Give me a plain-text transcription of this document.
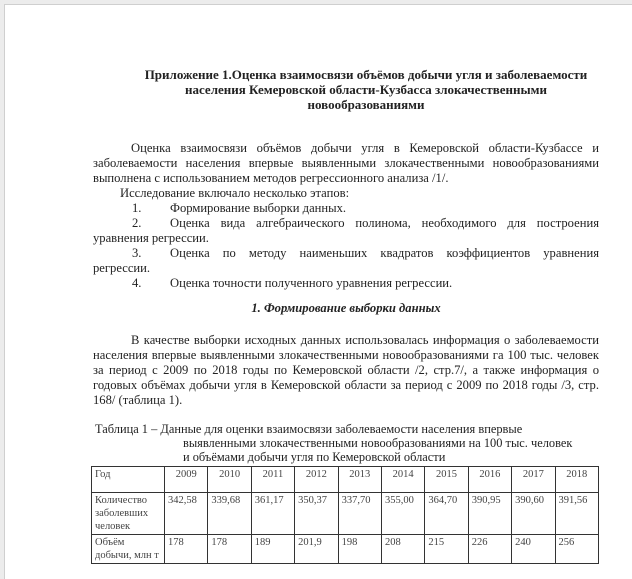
Приложение 1.Оценка взаимосвязи объёмов добычи угля и заболеваемости
населения Кемеровской области-Кузбасса злокачественными
новообразованиями

Оценка взаимосвязи объёмов добычи угля в Кемеровской области-Кузбассе и заболеваемости населения впервые выявленными злокачественными новообразованиями выполнена с использованием методов регрессионного анализа /1/.

Исследование включало несколько этапов:
1. Формирование выборки данных.
2. Оценка вида алгебраического полинома, необходимого для построения уравнения регрессии.
3. Оценка по методу наименьших квадратов коэффициентов уравнения регрессии.
4. Оценка точности полученного уравнения регрессии.
1. Формирование выборки данных

В качестве выборки исходных данных использовалась информация о заболеваемости населения впервые выявленными злокачественными новообразованиями га 100 тыс. человек за период с 2009 по 2018 годы по Кемеровской области /2, стр.7/, а также информация о годовых объёмах добычи угля в Кемеровской области за период с 2009 по 2018 годы /3, стр. 168/ (таблица 1).

Таблица 1 – Данные для оценки взаимосвязи заболеваемости населения впервые
выявленными злокачественными новообразованиями на 100 тыс. человек
и объёмами добычи угля по Кемеровской области
Год	2009	2010	2011	2012	2013	2014	2015	2016	2017	2018
Количество заболевших человек	342,58	339,68	361,17	350,37	337,70	355,00	364,70	390,95	390,60	391,56
Объём добычи, млн т	178	178	189	201,9	198	208	215	226	240	256
